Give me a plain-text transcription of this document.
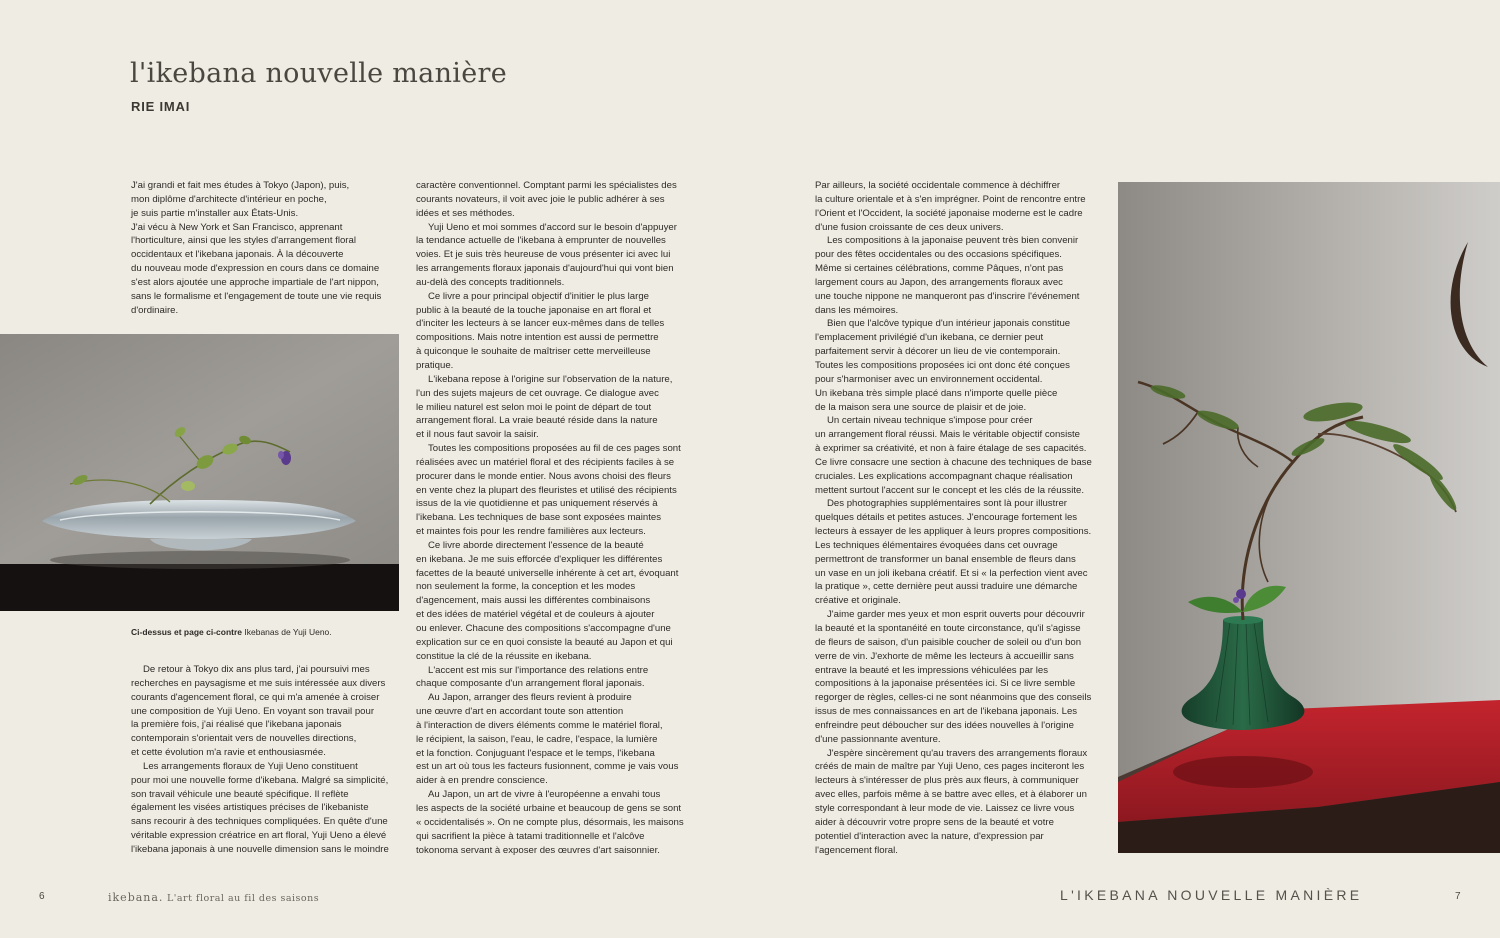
l'ikebana nouvelle manière
RIE IMAI

J'ai grandi et fait mes études à Tokyo (Japon), puis,

mon diplôme d'architecte d'intérieur en poche,

je suis partie m'installer aux États-Unis.

J'ai vécu à New York et San Francisco, apprenant

l'horticulture, ainsi que les styles d'arrangement floral

occidentaux et l'ikebana japonais. À la découverte

du nouveau mode d'expression en cours dans ce domaine

s'est alors ajoutée une approche impartiale de l'art nippon,

sans le formalisme et l'engagement de toute une vie requis

d'ordinaire.

Ci-dessus et page ci-contre Ikebanas de Yuji Ueno.

De retour à Tokyo dix ans plus tard, j'ai poursuivi mes

recherches en paysagisme et me suis intéressée aux divers

courants d'agencement floral, ce qui m'a amenée à croiser

une composition de Yuji Ueno. En voyant son travail pour

la première fois, j'ai réalisé que l'ikebana japonais

contemporain s'orientait vers de nouvelles directions,

et cette évolution m'a ravie et enthousiasmée.

Les arrangements floraux de Yuji Ueno constituent

pour moi une nouvelle forme d'ikebana. Malgré sa simplicité,

son travail véhicule une beauté spécifique. Il reflète

également les visées artistiques précises de l'ikebaniste

sans recourir à des techniques compliquées. En quête d'une

véritable expression créatrice en art floral, Yuji Ueno a élevé

l'ikebana japonais à une nouvelle dimension sans le moindre

caractère conventionnel. Comptant parmi les spécialistes des

courants novateurs, il voit avec joie le public adhérer à ses

idées et ses méthodes.

Yuji Ueno et moi sommes d'accord sur le besoin d'appuyer

la tendance actuelle de l'ikebana à emprunter de nouvelles

voies. Et je suis très heureuse de vous présenter ici avec lui

les arrangements floraux japonais d'aujourd'hui qui vont bien

au-delà des concepts traditionnels.

Ce livre a pour principal objectif d'initier le plus large

public à la beauté de la touche japonaise en art floral et

d'inciter les lecteurs à se lancer eux-mêmes dans de telles

compositions. Mais notre intention est aussi de permettre

à quiconque le souhaite de maîtriser cette merveilleuse

pratique.

L'ikebana repose à l'origine sur l'observation de la nature,

l'un des sujets majeurs de cet ouvrage. Ce dialogue avec

le milieu naturel est selon moi le point de départ de tout

arrangement floral. La vraie beauté réside dans la nature

et il nous faut savoir la saisir.

Toutes les compositions proposées au fil de ces pages sont

réalisées avec un matériel floral et des récipients faciles à se

procurer dans le monde entier. Nous avons choisi des fleurs

en vente chez la plupart des fleuristes et utilisé des récipients

issus de la vie quotidienne et pas uniquement réservés à

l'ikebana. Les techniques de base sont exposées maintes

et maintes fois pour les rendre familières aux lecteurs.

Ce livre aborde directement l'essence de la beauté

en ikebana. Je me suis efforcée d'expliquer les différentes

facettes de la beauté universelle inhérente à cet art, évoquant

non seulement la forme, la conception et les modes

d'agencement, mais aussi les différentes combinaisons

et des idées de matériel végétal et de couleurs à ajouter

ou enlever. Chacune des compositions s'accompagne d'une

explication sur ce en quoi consiste la beauté au Japon et qui

constitue la clé de la réussite en ikebana.

L'accent est mis sur l'importance des relations entre

chaque composante d'un arrangement floral japonais.

Au Japon, arranger des fleurs revient à produire

une œuvre d'art en accordant toute son attention

à l'interaction de divers éléments comme le matériel floral,

le récipient, la saison, l'eau, le cadre, l'espace, la lumière

et la fonction. Conjuguant l'espace et le temps, l'ikebana

est un art où tous les facteurs fusionnent, comme je vais vous

aider à en prendre conscience.

Au Japon, un art de vivre à l'européenne a envahi tous

les aspects de la société urbaine et beaucoup de gens se sont

« occidentalisés ». On ne compte plus, désormais, les maisons

qui sacrifient la pièce à tatami traditionnelle et l'alcôve

tokonoma servant à exposer des œuvres d'art saisonnier.

Par ailleurs, la société occidentale commence à déchiffrer

la culture orientale et à s'en imprégner. Point de rencontre entre

l'Orient et l'Occident, la société japonaise moderne est le cadre

d'une fusion croissante de ces deux univers.

Les compositions à la japonaise peuvent très bien convenir

pour des fêtes occidentales ou des occasions spécifiques.

Même si certaines célébrations, comme Pâques, n'ont pas

largement cours au Japon, des arrangements floraux avec

une touche nippone ne manqueront pas d'inscrire l'événement

dans les mémoires.

Bien que l'alcôve typique d'un intérieur japonais constitue

l'emplacement privilégié d'un ikebana, ce dernier peut

parfaitement servir à décorer un lieu de vie contemporain.

Toutes les compositions proposées ici ont donc été conçues

pour s'harmoniser avec un environnement occidental.

Un ikebana très simple placé dans n'importe quelle pièce

de la maison sera une source de plaisir et de joie.

Un certain niveau technique s'impose pour créer

un arrangement floral réussi. Mais le véritable objectif consiste

à exprimer sa créativité, et non à faire étalage de ses capacités.

Ce livre consacre une section à chacune des techniques de base

cruciales. Les explications accompagnant chaque réalisation

mettent surtout l'accent sur le concept et les clés de la réussite.

Des photographies supplémentaires sont là pour illustrer

quelques détails et petites astuces. J'encourage fortement les

lecteurs à essayer de les appliquer à leurs propres compositions.

Les techniques élémentaires évoquées dans cet ouvrage

permettront de transformer un banal ensemble de fleurs dans

un vase en un joli ikebana créatif. Et si « la perfection vient avec

la pratique », cette dernière peut aussi traduire une démarche

créative et originale.

J'aime garder mes yeux et mon esprit ouverts pour découvrir

la beauté et la spontanéité en toute circonstance, qu'il s'agisse

de fleurs de saison, d'un paisible coucher de soleil ou d'un bon

verre de vin. J'exhorte de même les lecteurs à accueillir sans

entrave la beauté et les impressions véhiculées par les

compositions à la japonaise présentées ici. Si ce livre semble

regorger de règles, celles-ci ne sont néanmoins que des conseils

issus de mes connaissances en art de l'ikebana japonais. Les

enfreindre peut déboucher sur des idées nouvelles à l'origine

d'une passionnante aventure.

J'espère sincèrement qu'au travers des arrangements floraux

créés de main de maître par Yuji Ueno, ces pages inciteront les

lecteurs à s'intéresser de plus près aux fleurs, à communiquer

avec elles, parfois même à se battre avec elles, et à élaborer un

style correspondant à leur mode de vie. Laissez ce livre vous

aider à découvrir votre propre sens de la beauté et votre

potentiel d'interaction avec la nature, d'expression par

l'agencement floral.

6	ikebana. L'art floral au fil des saisons	L'IKEBANA NOUVELLE MANIÈRE	7
